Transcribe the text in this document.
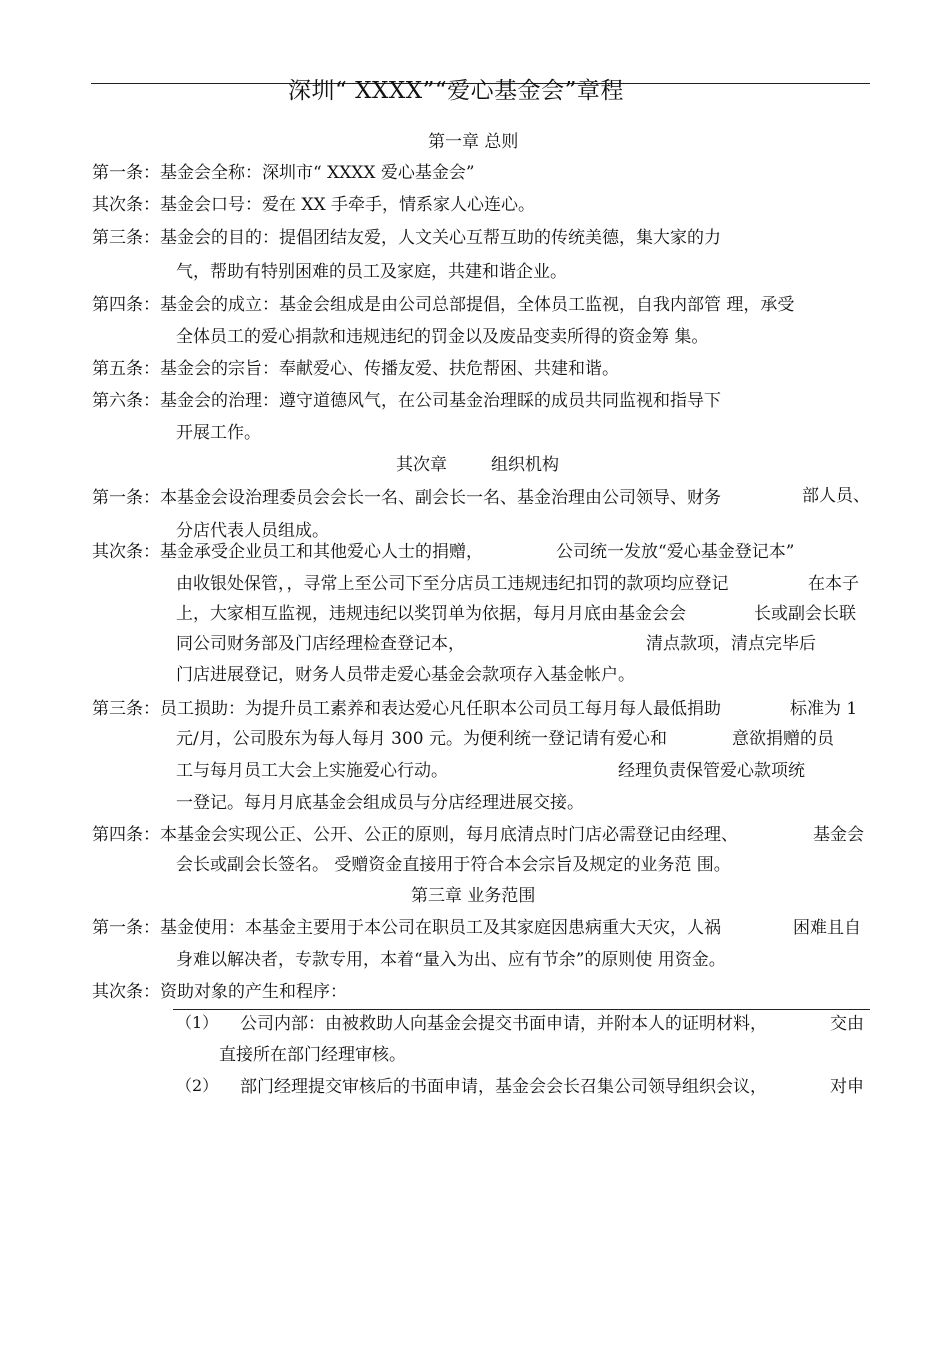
深圳“ XXXX”“爱心基金会”章程
第一章 总则
第一条：基金会全称：深圳市“ XXXX 爱心基金会”
其次条：基金会口号：爱在 XX 手牵手，情系家人心连心。
第三条：基金会的目的：提倡团结友爱，人文关心互帮互助的传统美德，集大家的力
气，帮助有特别困难的员工及家庭，共建和谐企业。
第四条：基金会的成立：基金会组成是由公司总部提倡，全体员工监视，自我内部管 理，承受
全体员工的爱心捐款和违规违纪的罚金以及废品变卖所得的资金筹 集。
第五条：基金会的宗旨：奉献爱心、传播友爱、扶危帮困、共建和谐。
第六条：基金会的治理：遵守道德风气，在公司基金治理睬的成员共同监视和指导下
开展工作。
其次章	组织机构
第一条：本基金会设治理委员会会长一名、副会长一名、基金治理由公司领导、财务	部人员、
分店代表人员组成。
其次条：基金承受企业员工和其他爱心人士的捐赠，	公司统一发放“爱心基金登记本”
由收银处保管，，寻常上至公司下至分店员工违规违纪扣罚的款项均应登记	在本子
上，大家相互监视，违规违纪以奖罚单为依据，每月月底由基金会会	长或副会长联
同公司财务部及门店经理检查登记本，	清点款项，清点完毕后
门店进展登记，财务人员带走爱心基金会款项存入基金帐户。
第三条：员工损助：为提升员工素养和表达爱心凡任职本公司员工每月每人最低捐助	标准为 1
元/月，公司股东为每人每月 300 元。为便利统一登记请有爱心和	意欲捐赠的员
工与每月员工大会上实施爱心行动。	经理负责保管爱心款项统
一登记。每月月底基金会组成员与分店经理进展交接。
第四条：本基金会实现公正、公开、公正的原则，每月底清点时门店必需登记由经理、	基金会
会长或副会长签名。 受赠资金直接用于符合本会宗旨及规定的业务范 围。
第三章 业务范围
第一条：基金使用：本基金主要用于本公司在职员工及其家庭因患病重大天灾，人祸	困难且自
身难以解决者，专款专用，本着“量入为出、应有节余”的原则使 用资金。
其次条：资助对象的产生和程序：
（1） 公司内部：由被救助人向基金会提交书面申请，并附本人的证明材料，	交由
直接所在部门经理审核。
（2） 部门经理提交审核后的书面申请，基金会会长召集公司领导组织会议，	对申
